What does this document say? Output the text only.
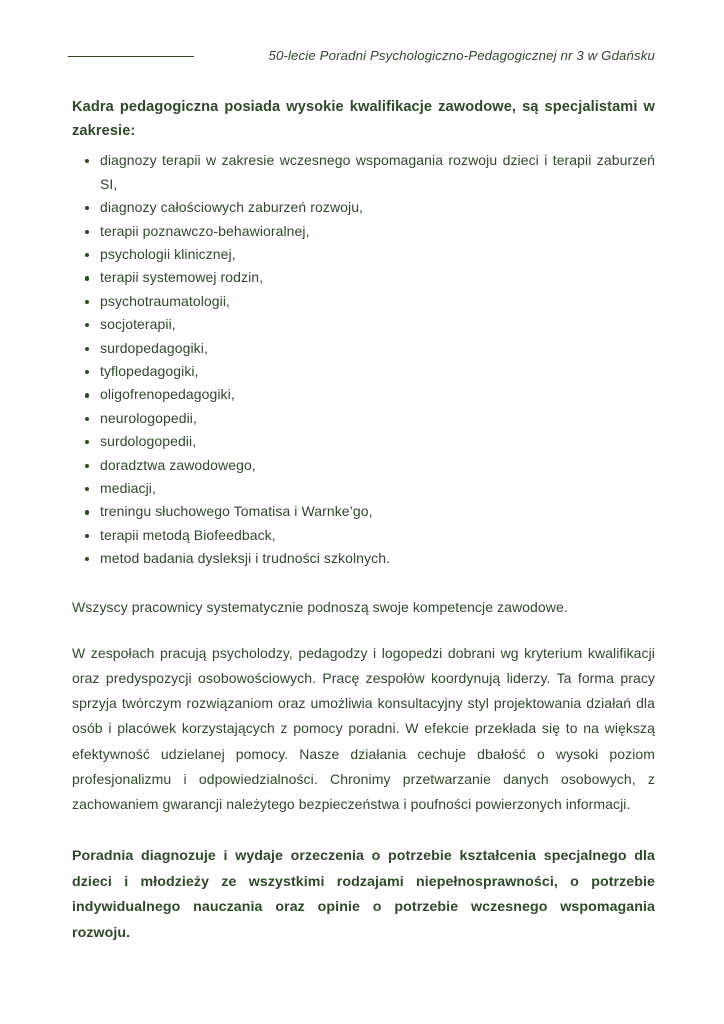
50-lecie Poradni Psychologiczno-Pedagogicznej nr 3 w Gdańsku

Kadra pedagogiczna posiada wysokie kwalifikacje zawodowe, są specjalistami w zakresie:

diagnozy terapii w zakresie wczesnego wspomagania rozwoju dzieci i terapii zaburzeń SI,
diagnozy całościowych zaburzeń rozwoju,
terapii poznawczo-behawioralnej,
psychologii klinicznej,
terapii systemowej rodzin,
psychotraumatologii,
socjoterapii,
surdopedagogiki,
tyflopedagogiki,
oligofrenopedagogiki,
neurologopedii,
surdologopedii,
doradztwa zawodowego,
mediacji,
treningu słuchowego Tomatisa i Warnke’go,
terapii metodą Biofeedback,
metod badania dysleksji i trudności szkolnych.

Wszyscy pracownicy systematycznie podnoszą swoje kompetencje zawodowe.

W zespołach pracują psycholodzy, pedagodzy i logopedzi dobrani wg kryterium kwalifikacji oraz predyspozycji osobowościowych. Pracę zespołów koordynują liderzy. Ta forma pracy sprzyja twórczym rozwiązaniom oraz umożliwia konsultacyjny styl projektowania działań dla osób i placówek korzystających z pomocy poradni. W efekcie przekłada się to na większą efektywność udzielanej pomocy. Nasze działania cechuje dbałość o wysoki poziom profesjonalizmu i odpowiedzialności. Chronimy przetwarzanie danych osobowych, z zachowaniem gwarancji należytego bezpieczeństwa i poufności powierzonych informacji.

Poradnia diagnozuje i wydaje orzeczenia o potrzebie kształcenia specjalnego dla dzieci i młodzieży ze wszystkimi rodzajami niepełnosprawności, o potrzebie indywidualnego nauczania oraz opinie o potrzebie wczesnego wspomagania rozwoju.
